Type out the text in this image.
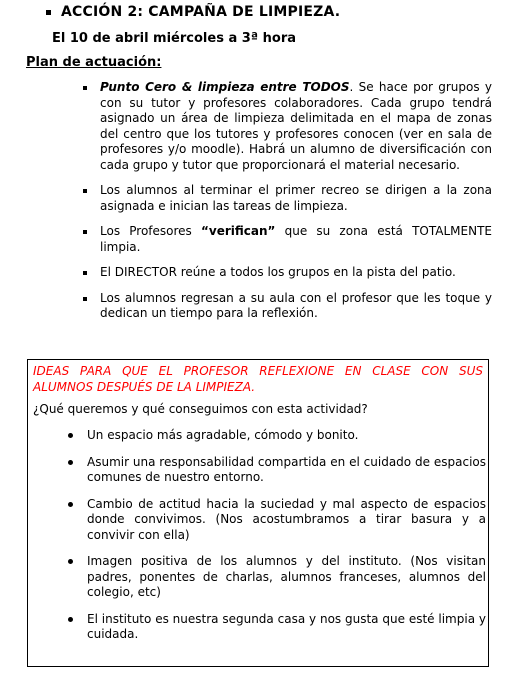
ACCIÓN 2: CAMPAÑA DE LIMPIEZA.
El 10 de abril miércoles a 3ª hora
Plan de actuación:
Punto Cero & limpieza entre TODOS. Se hace por grupos y con su tutor y profesores colaboradores. Cada grupo tendrá asignado un área de limpieza delimitada en el mapa de zonas del centro que los tutores y profesores conocen (ver en sala de profesores y/o moodle). Habrá un alumno de diversificación con cada grupo y tutor que proporcionará el material necesario.
Los alumnos al terminar el primer recreo se dirigen a la zona asignada e inician las tareas de limpieza.
Los Profesores “verifican” que su zona está TOTALMENTE limpia.
El DIRECTOR reúne a todos los grupos en la pista del patio.
Los alumnos regresan a su aula con el profesor que les toque y dedican un tiempo para la reflexión.
IDEAS PARA QUE EL PROFESOR REFLEXIONE EN CLASE CON SUS ALUMNOS DESPUÉS DE LA LIMPIEZA.
¿Qué queremos y qué conseguimos con esta actividad?
Un espacio más agradable, cómodo y bonito.
Asumir una responsabilidad compartida en el cuidado de espacios comunes de nuestro entorno.
Cambio de actitud hacia la suciedad y mal aspecto de espacios donde convivimos. (Nos acostumbramos a tirar basura y a convivir con ella)
Imagen positiva de los alumnos y del instituto. (Nos visitan padres, ponentes de charlas, alumnos franceses, alumnos del colegio, etc)
El instituto es nuestra segunda casa y nos gusta que esté limpia y cuidada.
